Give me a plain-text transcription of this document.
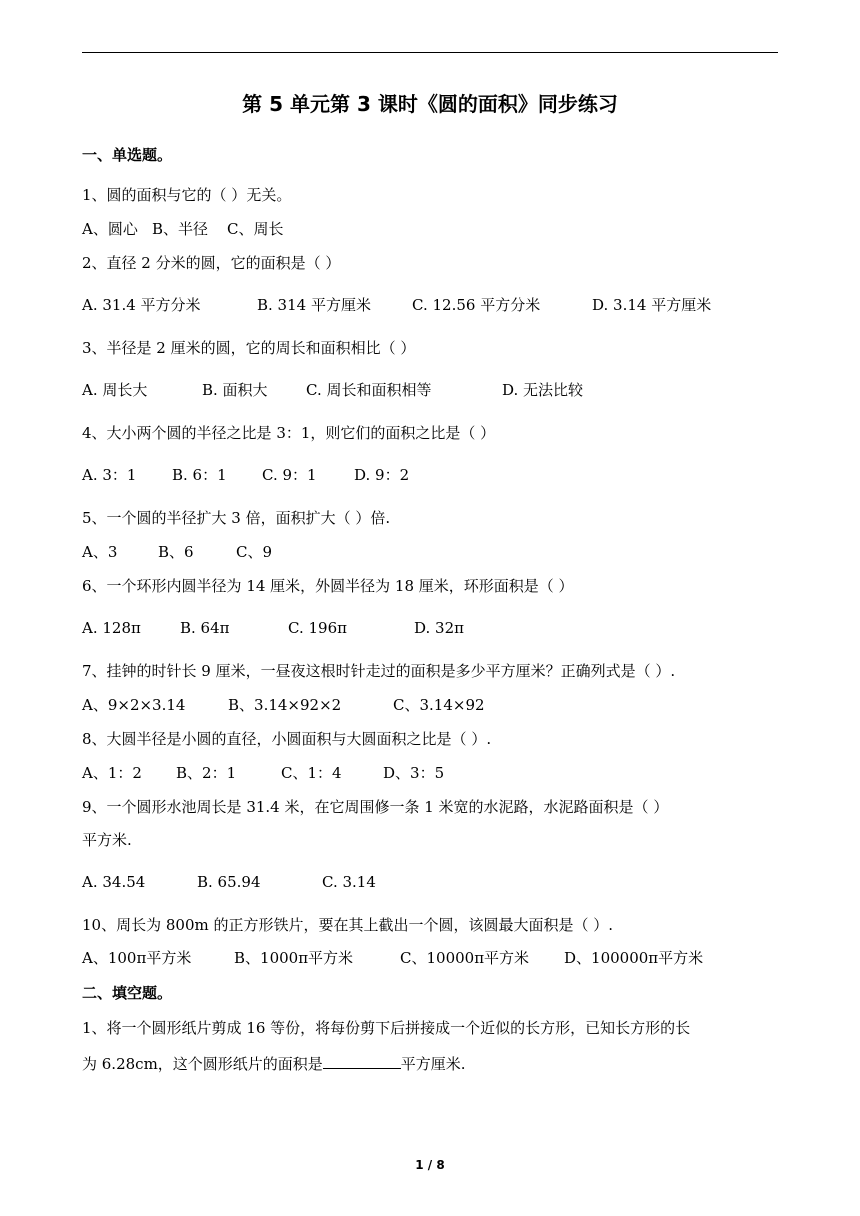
第 5 单元第 3 课时《圆的面积》同步练习
一、单选题。
1、圆的面积与它的（ ）无关。
A、圆心 B、半径 C、周长
2、直径 2 分米的圆，它的面积是（ ）
A. 31.4 平方分米	B. 314 平方厘米	C. 12.56 平方分米	D. 3.14 平方厘米
3、半径是 2 厘米的圆，它的周长和面积相比（ ）
A. 周长大	B. 面积大	C. 周长和面积相等	D. 无法比较
4、大小两个圆的半径之比是 3：1，则它们的面积之比是（ ）
A. 3：1 B. 6：1 C. 9：1 D. 9：2
5、一个圆的半径扩大 3 倍，面积扩大（ ）倍.
A、3	B、6	C、9
6、一个环形内圆半径为 14 厘米，外圆半径为 18 厘米，环形面积是（ ）
A. 128π	B. 64π	C. 196π	D. 32π
7、挂钟的时针长 9 厘米，一昼夜这根时针走过的面积是多少平方厘米？正确列式是（ ）.
A、9×2×3.14	B、3.14×92×2	C、3.14×92
8、大圆半径是小圆的直径，小圆面积与大圆面积之比是（ ）.
A、1：2 B、2：1	C、1：4	D、3：5
9、一个圆形水池周长是 31.4 米，在它周围修一条 1 米宽的水泥路，水泥路面积是（ ）
平方米.
A. 34.54	B. 65.94	C. 3.14
10、周长为 800m 的正方形铁片，要在其上截出一个圆，该圆最大面积是（ ）.
A、100π平方米	B、1000π平方米	C、10000π平方米 D、100000π平方米
二、填空题。
1、将一个圆形纸片剪成 16 等份，将每份剪下后拼接成一个近似的长方形，已知长方形的长
为 6.28cm，这个圆形纸片的面积是	平方厘米.
1 / 8
